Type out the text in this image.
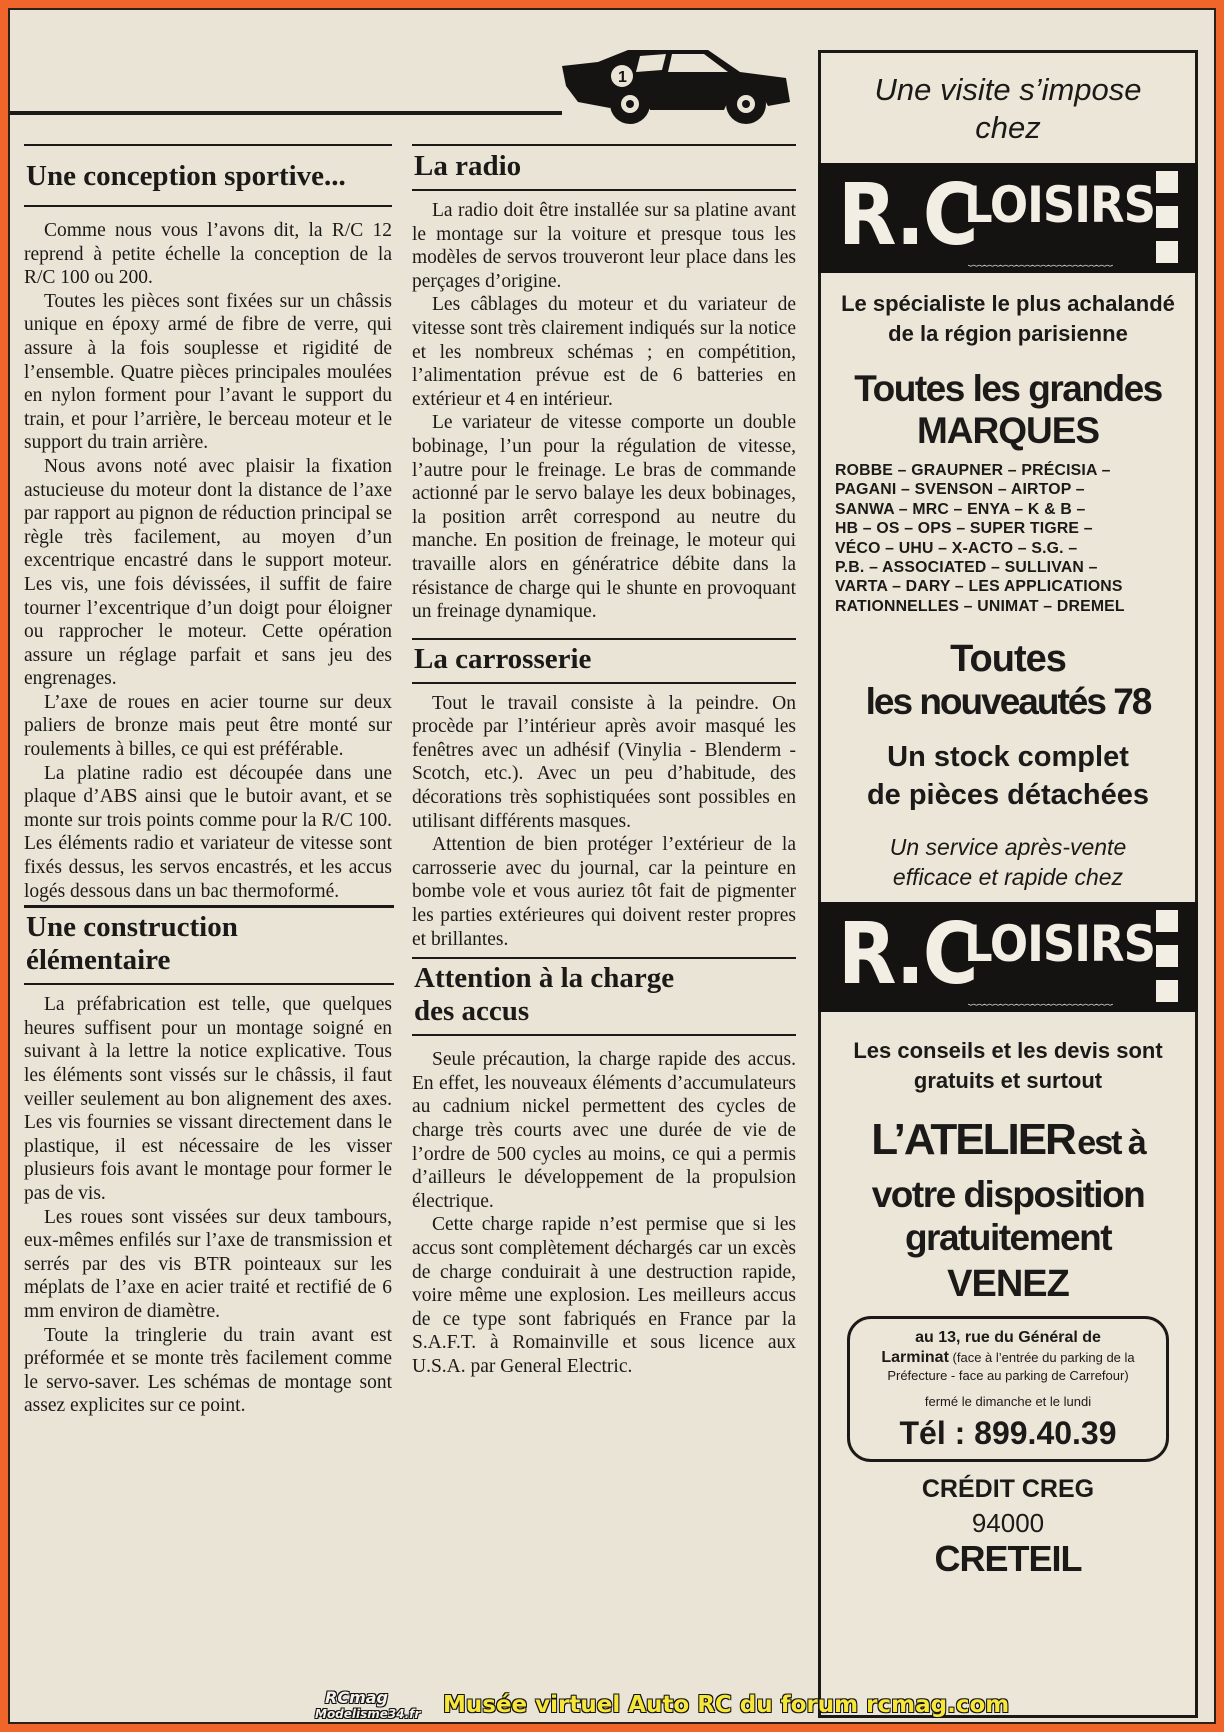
1
Une conception sportive...

Comme nous vous l’avons dit, la R/C 12 reprend à petite échelle la conception de la R/C 100 ou 200.

Toutes les pièces sont fixées sur un châssis unique en époxy armé de fibre de verre, qui assure à la fois souplesse et rigidité de l’ensemble. Quatre pièces principales moulées en nylon forment pour l’avant le support du train, et pour l’arrière, le berceau moteur et le support du train arrière.

Nous avons noté avec plaisir la fixation astucieuse du moteur dont la distance de l’axe par rapport au pignon de réduction principal se règle très facilement, au moyen d’un excentrique encastré dans le support moteur. Les vis, une fois dévissées, il suffit de faire tourner l’excentrique d’un doigt pour éloigner ou rapprocher le moteur. Cette opération assure un réglage parfait et sans jeu des engrenages.

L’axe de roues en acier tourne sur deux paliers de bronze mais peut être monté sur roulements à billes, ce qui est préférable.

La platine radio est découpée dans une plaque d’ABS ainsi que le butoir avant, et se monte sur trois points comme pour la R/C 100. Les éléments radio et variateur de vitesse sont fixés dessus, les servos encastrés, et les accus logés dessous dans un bac thermoformé.

Une construction élémentaire

La préfabrication est telle, que quelques heures suffisent pour un montage soigné en suivant à la lettre la notice explicative. Tous les éléments sont vissés sur le châssis, il faut veiller seulement au bon alignement des axes. Les vis fournies se vissant directement dans le plastique, il est nécessaire de les visser plusieurs fois avant le montage pour former le pas de vis.

Les roues sont vissées sur deux tambours, eux-mêmes enfilés sur l’axe de transmission et serrés par des vis BTR pointeaux sur les méplats de l’axe en acier traité et rectifié de 6 mm environ de diamètre.

Toute la tringlerie du train avant est préformée et se monte très facilement comme le servo-saver. Les schémas de montage sont assez explicites sur ce point.

La radio

La radio doit être installée sur sa platine avant le montage sur la voiture et presque tous les modèles de servos trouveront leur place dans les perçages d’origine.

Les câblages du moteur et du variateur de vitesse sont très clairement indiqués sur la notice et les nombreux schémas ; en compétition, l’alimentation prévue est de 6 batteries en extérieur et 4 en intérieur.

Le variateur de vitesse comporte un double bobinage, l’un pour la régulation de vitesse, l’autre pour le freinage. Le bras de commande actionné par le servo balaye les deux bobinages, la position arrêt correspond au neutre du manche. En position de freinage, le moteur qui travaille alors en génératrice débite dans la résistance de charge qui le shunte en provoquant un freinage dynamique.

La carrosserie

Tout le travail consiste à la peindre. On procède par l’intérieur après avoir masqué les fenêtres avec un adhésif (Vinylia - Blenderm - Scotch, etc.). Avec un peu d’habitude, des décorations très sophistiquées sont possibles en utilisant différents masques.

Attention de bien protéger l’extérieur de la carrosserie avec du journal, car la peinture en bombe vole et vous auriez tôt fait de pigmenter les parties extérieures qui doivent rester propres et brillantes.

Attention à la charge des accus

Seule précaution, la charge rapide des accus. En effet, les nouveaux éléments d’accumulateurs au cadnium nickel permettent des cycles de charge très courts avec une durée de vie de l’ordre de 500 cycles au moins, ce qui a permis d’ailleurs le développement de la propulsion électrique.

Cette charge rapide n’est permise que si les accus sont complètement déchargés car un excès de charge conduirait à une destruction rapide, voire même une explosion. Les meilleurs accus de ce type sont fabriqués en France par la S.A.F.T. à Romainville et sous licence aux U.S.A. par General Electric.

Une visite s’impose chez
R.C
LOISIRS
﹏﹏﹏﹏﹏﹏﹏﹏﹏
Le spécialiste le plus achalandé de la région parisienne
Toutes les grandes
MARQUES
ROBBE – GRAUPNER – PRÉCISIA –
PAGANI – SVENSON – AIRTOP –
SANWA – MRC – ENYA – K & B –
HB – OS – OPS – SUPER TIGRE –
VÉCO – UHU – X-ACTO – S.G. –
P.B. – ASSOCIATED – SULLIVAN –
VARTA – DARY – LES APPLICATIONS
RATIONNELLES – UNIMAT – DREMEL
Toutes
les nouveautés 78
Un stock complet
de pièces détachées
Un service après-vente efficace et rapide chez
R.C
LOISIRS
﹏﹏﹏﹏﹏﹏﹏﹏﹏
Les conseils et les devis sont gratuits et surtout
L’ATELIER est à
votre disposition
gratuitement
VENEZ
au 13, rue du Général de
Larminat (face à l’entrée du parking de la Préfecture - face au parking de Carrefour)
fermé le dimanche et le lundi
Tél : 899.40.39
CRÉDIT CREG
94000
CRETEIL
RCmag
Modelisme34.fr Musée virtuel Auto RC du forum rcmag.com
